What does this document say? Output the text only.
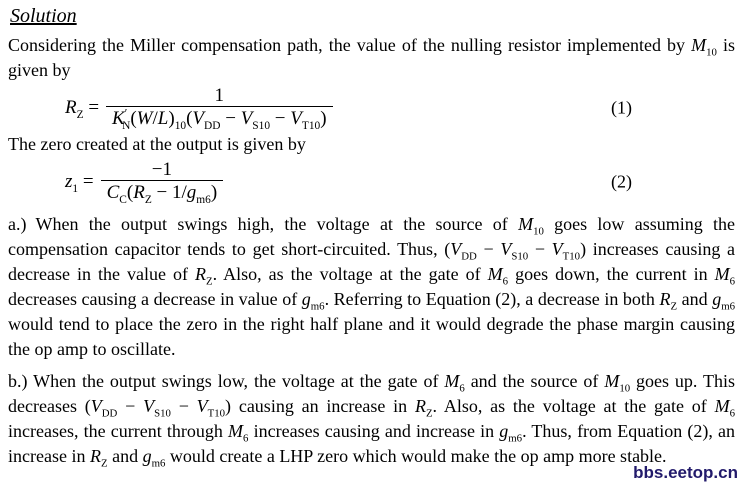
Solution

Considering the Miller compensation path, the value of the nulling resistor implemented by $M_{10}$ is given by

$R_Z = \frac{1}{K'_N(W/L)_{10}(V_{DD} - V_{S10} - V_{T10})}$	(1)

The zero created at the output is given by

$z_1 = \frac{-1}{C_C(R_Z - 1/g_{m6})}$	(2)

a.) When the output swings high, the voltage at the source of $M_{10}$ goes low assuming the compensation capacitor tends to get short-circuited. Thus, $(V_{DD} - V_{S10} - V_{T10})$ increases causing a decrease in the value of $R_Z$. Also, as the voltage at the gate of $M_6$ goes down, the current in $M_6$ decreases causing a decrease in value of $g_{m6}$. Referring to Equation (2), a decrease in both $R_Z$ and $g_{m6}$ would tend to place the zero in the right half plane and it would degrade the phase margin causing the op amp to oscillate.

b.) When the output swings low, the voltage at the gate of $M_6$ and the source of $M_{10}$ goes up. This decreases $(V_{DD} - V_{S10} - V_{T10})$ causing an increase in $R_Z$. Also, as the voltage at the gate of $M_6$ increases, the current through $M_6$ increases causing and increase in $g_{m6}$. Thus, from Equation (2), an increase in $R_Z$ and $g_{m6}$ would create a LHP zero which would make the op amp more stable.

bbs.eetop.cn
